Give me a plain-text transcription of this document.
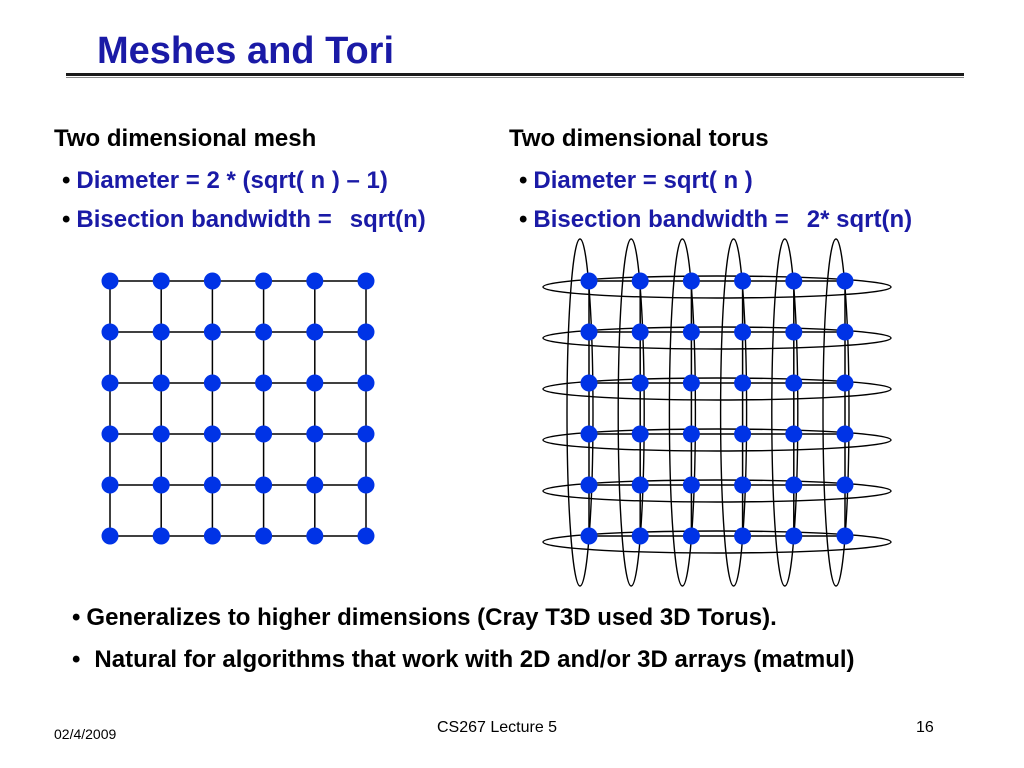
Meshes and Tori
Two dimensional mesh
• Diameter = 2 * (sqrt( n ) – 1)
• Bisection bandwidth = sqrt(n)
Two dimensional torus
• Diameter = sqrt( n )
• Bisection bandwidth = 2* sqrt(n)
• Generalizes to higher dimensions (Cray T3D used 3D Torus).
• Natural for algorithms that work with 2D and/or 3D arrays (matmul)
02/4/2009	CS267 Lecture 5	16
